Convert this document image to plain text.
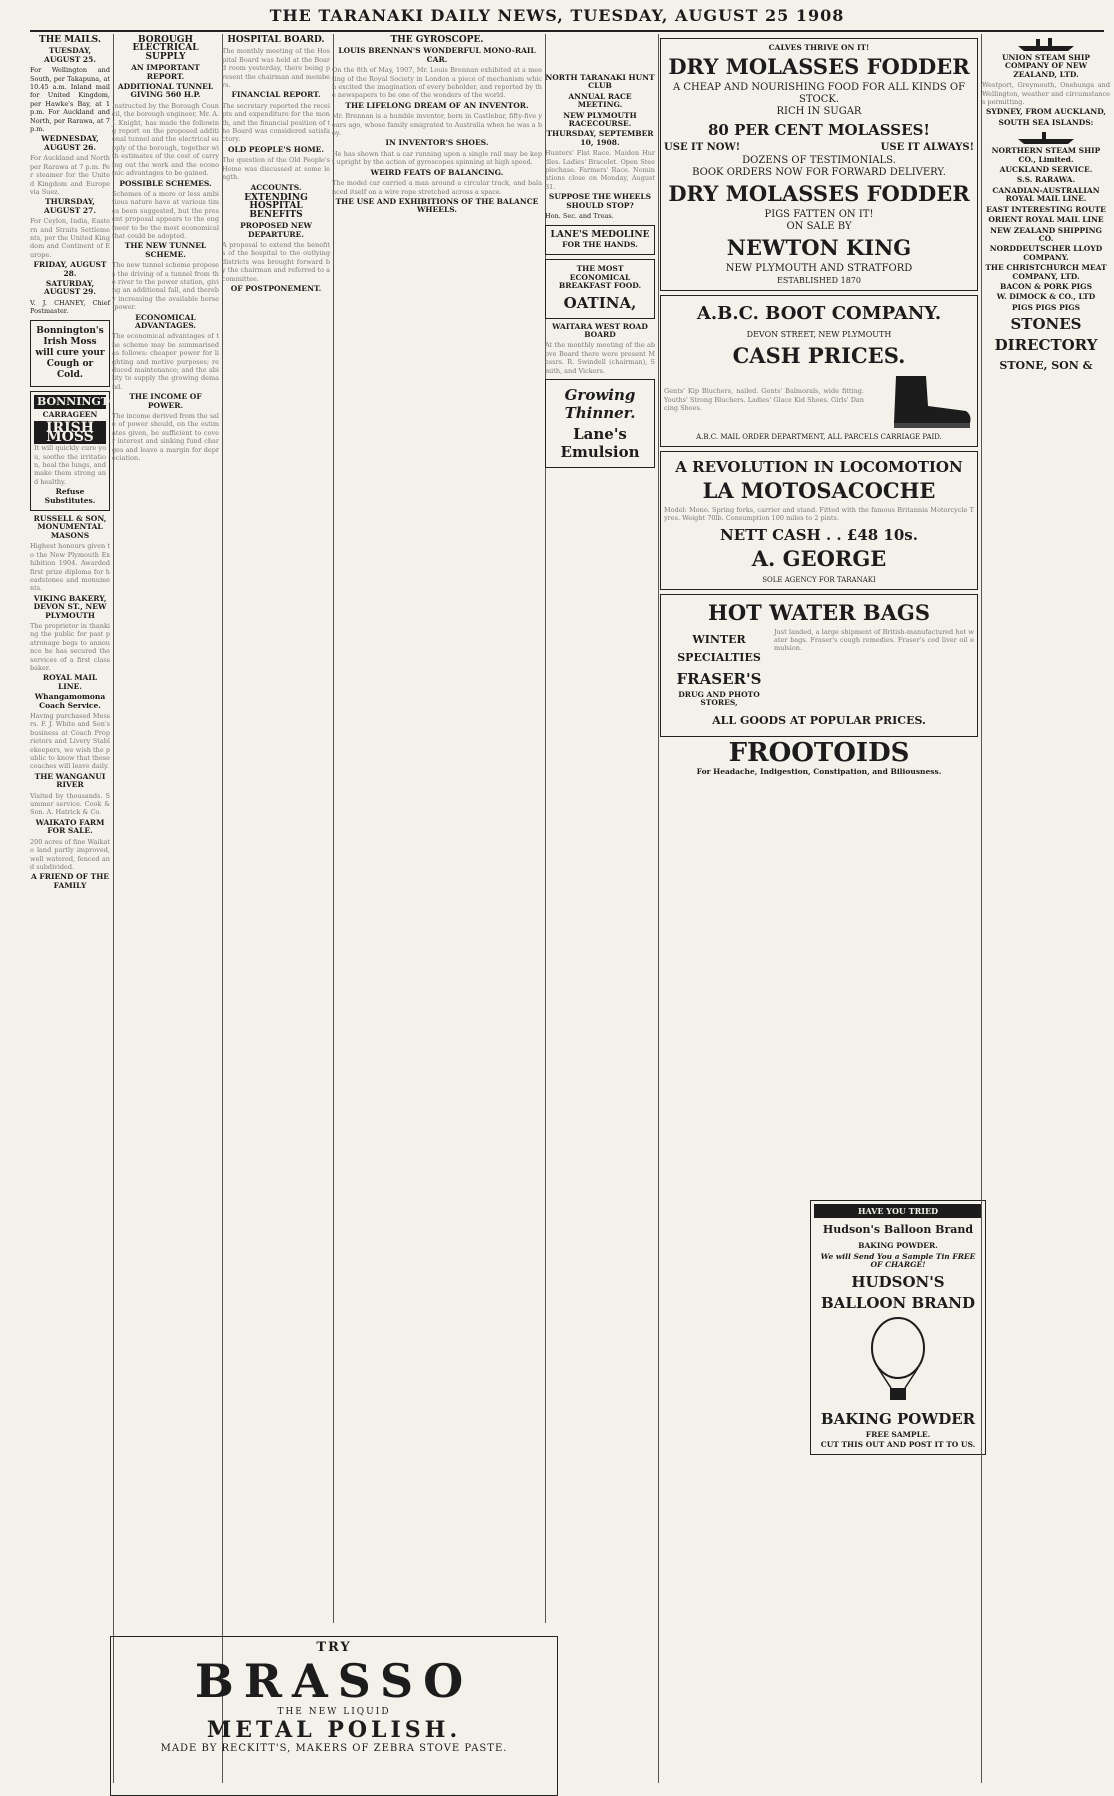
THE TARANAKI DAILY NEWS, TUESDAY, AUGUST 25 1908
THE MAILS.
TUESDAY, AUGUST 25.

For Wellington and South, per Takapuna, at 10.45 a.m. Inland mail for United Kingdom, per Hawke's Bay, at 1 p.m. For Auckland and North, per Rarawa, at 7 p.m.

WEDNESDAY, AUGUST 26.

For Auckland and North per Rarawa at 7 p.m. Per steamer for the United Kingdom and Europe via Suez.

THURSDAY, AUGUST 27.

For Ceylon, India, Eastern and Straits Settlements, per the United Kingdom and Continent of Europe.

FRIDAY, AUGUST 28.
SATURDAY, AUGUST 29.

V. J. CHANEY, Chief Postmaster.

Bonnington's Irish Moss will cure your Cough or Cold.
BONNINGTON'S
CARRAGEEN
IRISH MOSS

It will quickly cure you, soothe the irritation, heal the lungs, and make them strong and healthy.

Refuse Substitutes.
RUSSELL & SON, MONUMENTAL MASONS

Highest honours given to the New Plymouth Exhibition 1904. Awarded first prize diploma for headstones and monuments.

VIKING BAKERY, DEVON ST., NEW PLYMOUTH

The proprietor in thanking the public for past patronage begs to announce he has secured the services of a first class baker.

ROYAL MAIL LINE.
Whangamomona Coach Service.

Having purchased Messrs. F. J. White and Son's business at Coach Proprietors and Livery Stablekeepers, we wish the public to know that these coaches will leave daily.

THE WANGANUI RIVER

Visited by thousands. Summer service. Cook & Son. A. Hatrick & Co.

WAIKATO FARM FOR SALE.

200 acres of fine Waikato land partly improved, well watered, fenced and subdivided.

A FRIEND OF THE FAMILY
BOROUGH ELECTRICAL SUPPLY
AN IMPORTANT REPORT.
ADDITIONAL TUNNEL GIVING 560 H.P.

Instructed by the Borough Council, the borough engineer, Mr. A. J. Knight, has made the following report on the proposed additional tunnel and the electrical supply of the borough, together with estimates of the cost of carrying out the work and the economic advantages to be gained.

POSSIBLE SCHEMES.

Schemes of a more or less ambitious nature have at various times been suggested, but the present proposal appears to the engineer to be the most economical that could be adopted.

THE NEW TUNNEL SCHEME.

The new tunnel scheme proposes the driving of a tunnel from the river to the power station, giving an additional fall, and thereby increasing the available horse-power.

ECONOMICAL ADVANTAGES.

The economical advantages of the scheme may be summarised as follows: cheaper power for lighting and motive purposes; reduced maintenance; and the ability to supply the growing demand.

THE INCOME OF POWER.

The income derived from the sale of power should, on the estimates given, be sufficient to cover interest and sinking fund charges and leave a margin for depreciation.

HOSPITAL BOARD.

The monthly meeting of the Hospital Board was held at the Board room yesterday, there being present the chairman and members.

FINANCIAL REPORT.

The secretary reported the receipts and expenditure for the month, and the financial position of the Board was considered satisfactory.

OLD PEOPLE'S HOME.

The question of the Old People's Home was discussed at some length.

ACCOUNTS.
EXTENDING HOSPITAL BENEFITS
PROPOSED NEW DEPARTURE.

A proposal to extend the benefits of the hospital to the outlying districts was brought forward by the chairman and referred to a committee.

OF POSTPONEMENT.
THE GYROSCOPE.
LOUIS BRENNAN'S WONDERFUL MONO-RAIL CAR.

On the 8th of May, 1907, Mr. Louis Brennan exhibited at a meeting of the Royal Society in London a piece of mechanism which excited the imagination of every beholder, and reported by the newspapers to be one of the wonders of the world.

THE LIFELONG DREAM OF AN INVENTOR.

Mr. Brennan is a humble inventor, born in Castlebar, fifty-five years ago, whose family emigrated to Australia when he was a boy.

IN INVENTOR'S SHOES.

He has shown that a car running upon a single rail may be kept upright by the action of gyroscopes spinning at high speed.

WEIRD FEATS OF BALANCING.

The model car carried a man around a circular track, and balanced itself on a wire rope stretched across a space.

THE USE AND EXHIBITIONS OF THE BALANCE WHEELS.
NORTH TARANAKI HUNT CLUB
ANNUAL RACE MEETING.
NEW PLYMOUTH RACECOURSE.
THURSDAY, SEPTEMBER 10, 1908.

Hunters' Flat Race. Maiden Hurdles. Ladies' Bracelet. Open Steeplechase. Farmers' Race. Nominations close on Monday, August 31.

SUPPOSE THE WHEELS SHOULD STOP?

Hon. Sec. and Treas.

LANE'S MEDOLINE
FOR THE HANDS.
THE MOST ECONOMICAL BREAKFAST FOOD.
OATINA,
WAITARA WEST ROAD BOARD

At the monthly meeting of the above Board there were present Messrs. R. Swindell (chairman), Smith, and Vickers.

Growing Thinner.
Lane's Emulsion
CALVES THRIVE ON IT!
DRY MOLASSES FODDER
A CHEAP AND NOURISHING FOOD FOR ALL KINDS OF STOCK.
RICH IN SUGAR
80 PER CENT MOLASSES!
USE IT NOW!	USE IT ALWAYS!
DOZENS OF TESTIMONIALS.
BOOK ORDERS NOW FOR FORWARD DELIVERY.
DRY MOLASSES FODDER
PIGS FATTEN ON IT!
ON SALE BY
NEWTON KING
NEW PLYMOUTH AND STRATFORD
ESTABLISHED 1870
A.B.C. BOOT COMPANY.
DEVON STREET, NEW PLYMOUTH
CASH PRICES.

Gents' Kip Bluchers, nailed. Gents' Balmorals, wide fitting. Youths' Strong Bluchers. Ladies' Glace Kid Shoes. Girls' Dancing Shoes.

A.B.C. MAIL ORDER DEPARTMENT, ALL PARCELS CARRIAGE PAID.
A REVOLUTION IN LOCOMOTION
LA MOTOSACOCHE

Model: Mono. Spring forks, carrier and stand. Fitted with the famous Britannia Motorcycle Tyres. Weight 70lb. Consumption 100 miles to 2 pints.

NETT CASH . . £48 10s.
A. GEORGE
SOLE AGENCY FOR TARANAKI
HOT WATER BAGS
WINTER SPECIALTIES
FRASER'S
DRUG AND PHOTO STORES,

Just landed, a large shipment of British-manufactured hot water bags. Fraser's cough remedies. Fraser's cod liver oil emulsion.

ALL GOODS AT POPULAR PRICES.
FROOTOIDS
For Headache, Indigestion, Constipation, and Biliousness.
HAVE YOU TRIED
Hudson's Balloon Brand
BAKING POWDER.
We will Send You a Sample Tin FREE OF CHARGE!
HUDSON'S
BALLOON BRAND
BAKING POWDER
FREE SAMPLE.
CUT THIS OUT AND POST IT TO US.
UNION STEAM SHIP COMPANY OF NEW ZEALAND, LTD.

Westport, Greymouth, Onehunga and Wellington, weather and circumstances permitting.

SYDNEY, FROM AUCKLAND,
SOUTH SEA ISLANDS:
NORTHERN STEAM SHIP CO., Limited.
AUCKLAND SERVICE.
S.S. RARAWA.
CANADIAN-AUSTRALIAN ROYAL MAIL LINE.
EAST INTERESTING ROUTE
ORIENT ROYAL MAIL LINE
NEW ZEALAND SHIPPING CO.
NORDDEUTSCHER LLOYD COMPANY.
THE CHRISTCHURCH MEAT COMPANY, LTD.
BACON & PORK PIGS
W. DIMOCK & CO., LTD
PIGS PIGS PIGS
STONES
DIRECTORY
STONE, SON &
TRY
BRASSO
THE NEW LIQUID
METAL POLISH.
MADE BY RECKITT'S, MAKERS OF ZEBRA STOVE PASTE.
